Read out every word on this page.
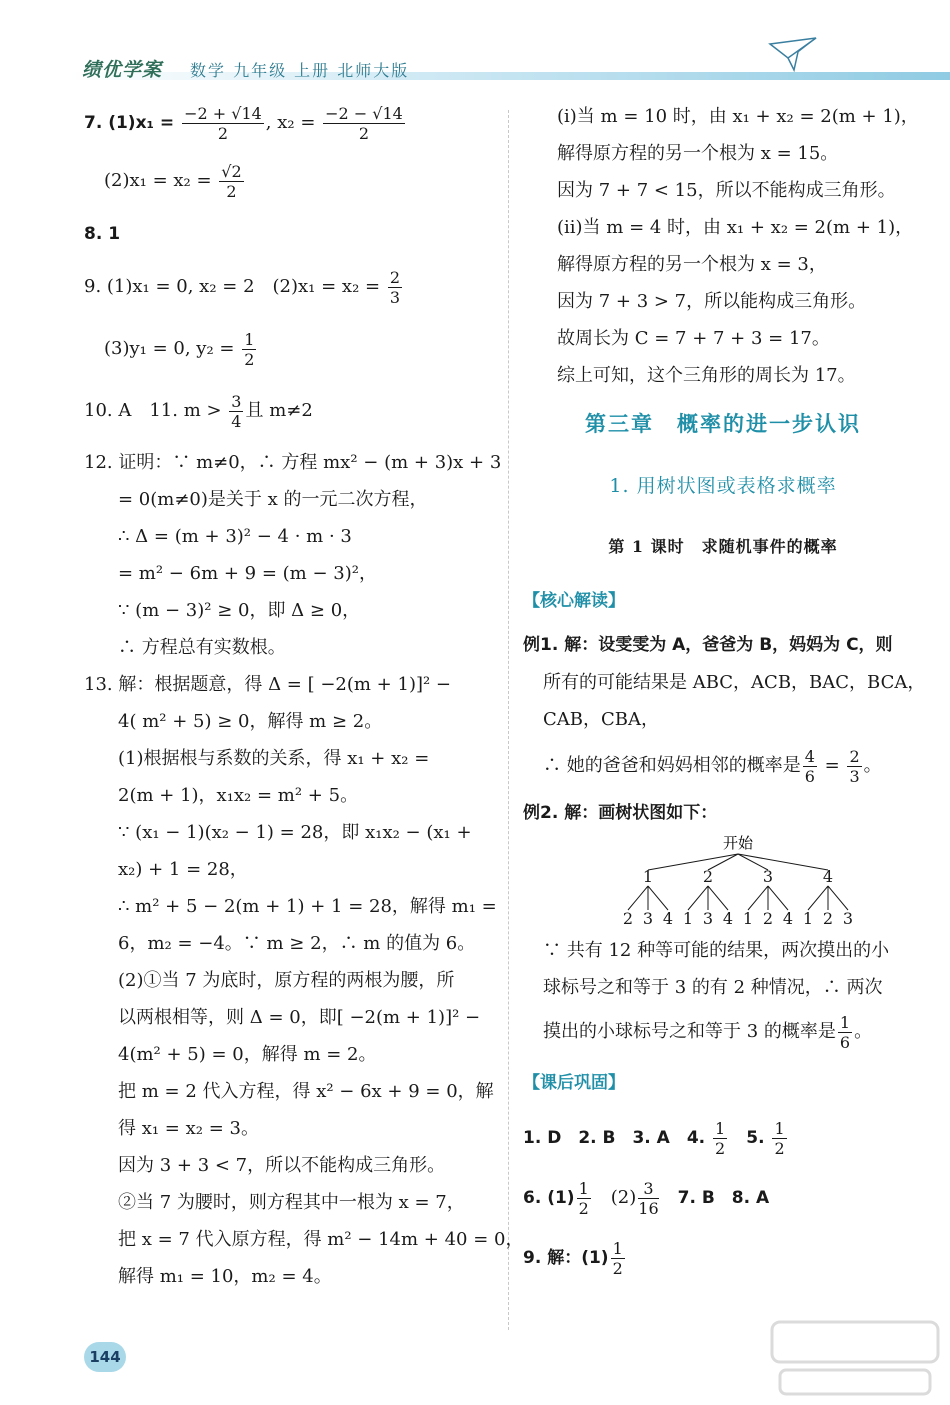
绩优学案 数学 九年级 上册 北师大版
7. $(1)x_1 = \frac{-2 + √14}{2}$ , $x_2 = \frac{-2 - √14}{2}$
$(2)x_1 = x_2 = \frac{√2}{2}$
8. 1
9. (1)x₁ = 0, x₂ = 2　$(2)x_1 = x_2 = \frac{2}{3}$
(3)y₁ = 0, $y_2 = \frac{1}{2}$
10. A　11. $m > \frac{3}{4}$ 且 m≠2
12. 证明：∵ m≠0，∴ 方程 mx² − (m + 3)x + 3
= 0(m≠0)是关于 x 的一元二次方程，
∴ Δ = (m + 3)² − 4 · m · 3
= m² − 6m + 9 = (m − 3)²，
∵ (m − 3)² ≥ 0，即 Δ ≥ 0，
∴ 方程总有实数根。
13. 解：根据题意，得 Δ = [ −2(m + 1)]² −
4( m² + 5) ≥ 0，解得 m ≥ 2。
(1)根据根与系数的关系，得 x₁ + x₂ =
2(m + 1)，x₁x₂ = m² + 5。
∵ (x₁ − 1)(x₂ − 1) = 28，即 x₁x₂ − (x₁ +
x₂) + 1 = 28，
∴ m² + 5 − 2(m + 1) + 1 = 28，解得 m₁ =
6，m₂ = −4。∵ m ≥ 2，∴ m 的值为 6。
(2)①当 7 为底时，原方程的两根为腰，所
以两根相等，则 Δ = 0，即[ −2(m + 1)]² −
4(m² + 5) = 0，解得 m = 2。
把 m = 2 代入方程，得 x² − 6x + 9 = 0，解
得 x₁ = x₂ = 3。
因为 3 + 3 < 7，所以不能构成三角形。
②当 7 为腰时，则方程其中一根为 x = 7，
把 x = 7 代入原方程，得 m² − 14m + 40 = 0，
解得 m₁ = 10，m₂ = 4。
(ⅰ)当 m = 10 时，由 x₁ + x₂ = 2(m + 1)，
解得原方程的另一个根为 x = 15。
因为 7 + 7 < 15，所以不能构成三角形。
(ⅱ)当 m = 4 时，由 x₁ + x₂ = 2(m + 1)，
解得原方程的另一个根为 x = 3，
因为 7 + 3 > 7，所以能构成三角形。
故周长为 C = 7 + 7 + 3 = 17。
综上可知，这个三角形的周长为 17。
第三章　概率的进一步认识
1. 用树状图或表格求概率
第 1 课时　求随机事件的概率
【核心解读】
例1. 解：设雯雯为 A，爸爸为 B，妈妈为 C，则
所有的可能结果是 ABC，ACB，BAC，BCA，
CAB，CBA，
∴ 她的爸爸和妈妈相邻的概率是 $\frac{4}{6} = \frac{2}{3}$ 。
例2. 解：画树状图如下：
开始
1
2 3 4
2
1 3 4
3
1 2 4
4
1 2 3
∵ 共有 12 种等可能的结果，两次摸出的小
球标号之和等于 3 的有 2 种情况，∴ 两次
摸出的小球标号之和等于 3 的概率是 $\frac{1}{6}$ 。
【课后巩固】
1. D　2. B　3. A　4. $\frac{1}{2}$ 　5. $\frac{1}{2}$
6. $(1) \frac{1}{2}$ 　$(2) \frac{3}{16}$ 　7. B　8. A
9. 解：$(1) \frac{1}{2}$
144
